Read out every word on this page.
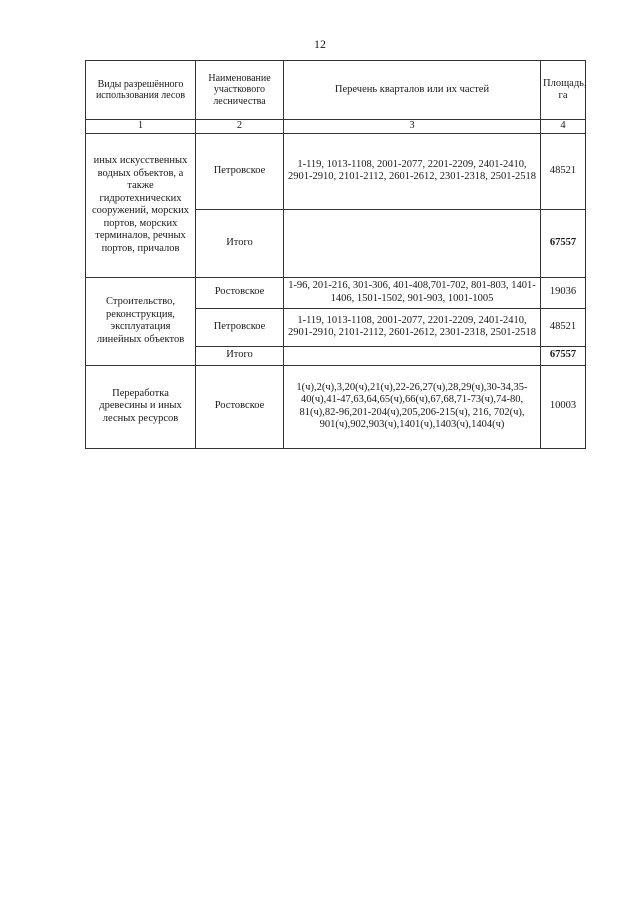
12
Виды разрешённого использования лесов	Наименование участкового лесничества	Перечень кварталов или их частей	Площадь, га
1	2	3	4
иных искусственных водных объектов, а также гидротехнических сооружений, морских портов, морских терминалов, речных портов, причалов	Петровское	1-119, 1013-1108, 2001-2077, 2201-2209, 2401-2410, 2901-2910, 2101-2112, 2601-2612, 2301-2318, 2501-2518	48521
	Итого		67557
Строительство, реконструкция, эксплуатация линейных объектов	Ростовское	1-96, 201-216, 301-306, 401-408,701-702, 801-803, 1401-1406, 1501-1502, 901-903, 1001-1005	19036
	Петровское	1-119, 1013-1108, 2001-2077, 2201-2209, 2401-2410, 2901-2910, 2101-2112, 2601-2612, 2301-2318, 2501-2518	48521
	Итого		67557
Переработка древесины и иных лесных ресурсов	Ростовское	1(ч),2(ч),3,20(ч),21(ч),22-26,27(ч),28,29(ч),30-34,35-40(ч),41-47,63,64,65(ч),66(ч),67,68,71-73(ч),74-80, 81(ч),82-96,201-204(ч),205,206-215(ч), 216, 702(ч), 901(ч),902,903(ч),1401(ч),1403(ч),1404(ч)	10003
